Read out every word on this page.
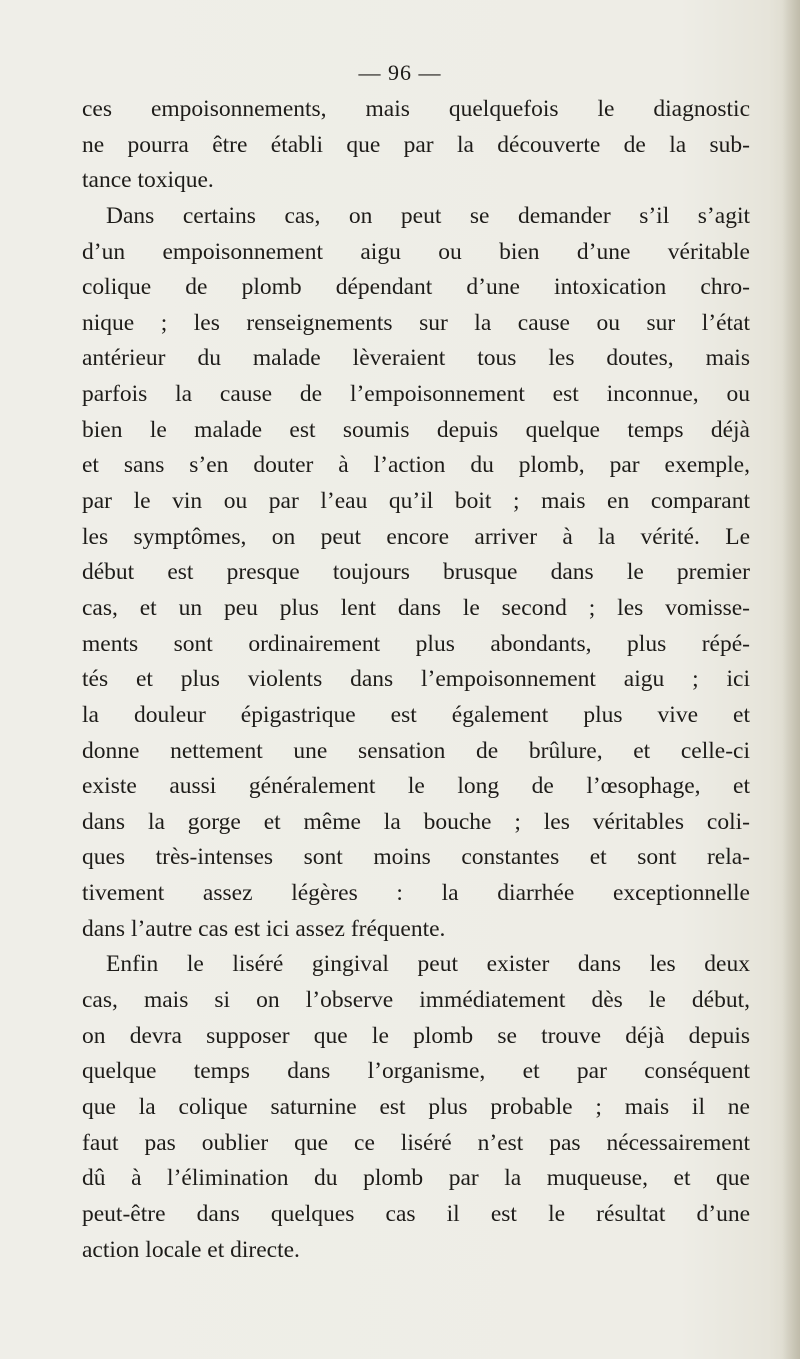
— 96 —
ces empoisonnements, mais quelquefois le diagnostic
ne pourra être établi que par la découverte de la sub-
tance toxique.
Dans certains cas, on peut se demander s’il s’agit
d’un empoisonnement aigu ou bien d’une véritable
colique de plomb dépendant d’une intoxication chro-
nique ; les renseignements sur la cause ou sur l’état
antérieur du malade lèveraient tous les doutes, mais
parfois la cause de l’empoisonnement est inconnue, ou
bien le malade est soumis depuis quelque temps déjà
et sans s’en douter à l’action du plomb, par exemple,
par le vin ou par l’eau qu’il boit ; mais en comparant
les symptômes, on peut encore arriver à la vérité. Le
début est presque toujours brusque dans le premier
cas, et un peu plus lent dans le second ; les vomisse-
ments sont ordinairement plus abondants, plus répé-
tés et plus violents dans l’empoisonnement aigu ; ici
la douleur épigastrique est également plus vive et
donne nettement une sensation de brûlure, et celle-ci
existe aussi généralement le long de l’œsophage, et
dans la gorge et même la bouche ; les véritables coli-
ques très-intenses sont moins constantes et sont rela-
tivement assez légères : la diarrhée exceptionnelle
dans l’autre cas est ici assez fréquente.
Enfin le liséré gingival peut exister dans les deux
cas, mais si on l’observe immédiatement dès le début,
on devra supposer que le plomb se trouve déjà depuis
quelque temps dans l’organisme, et par conséquent
que la colique saturnine est plus probable ; mais il ne
faut pas oublier que ce liséré n’est pas nécessairement
dû à l’élimination du plomb par la muqueuse, et que
peut-être dans quelques cas il est le résultat d’une
action locale et directe.
